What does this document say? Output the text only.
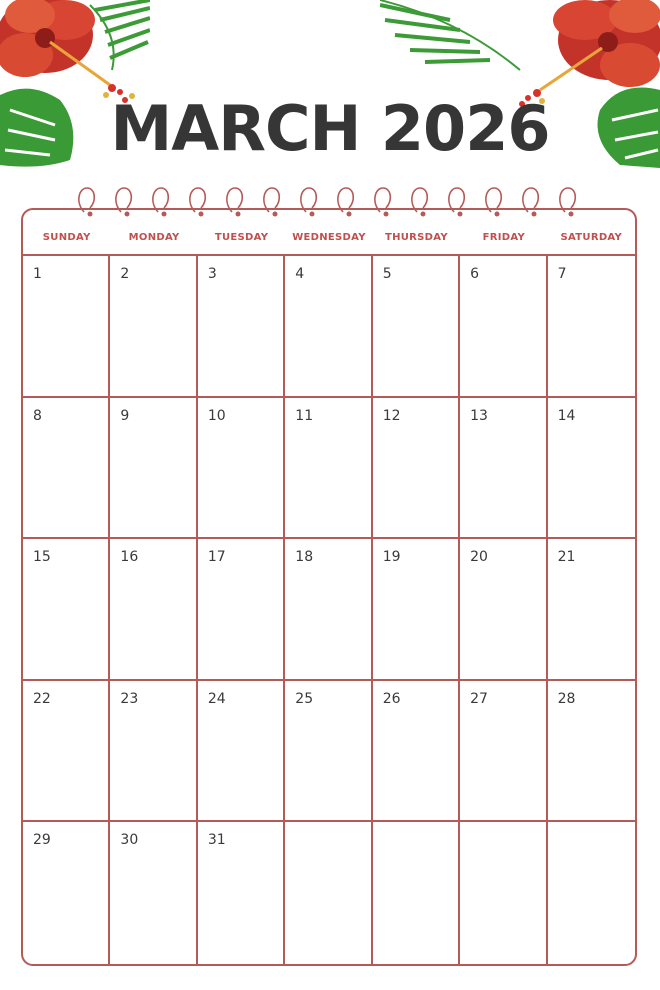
MARCH 2026
SUNDAY	MONDAY	TUESDAY	WEDNESDAY	THURSDAY	FRIDAY	SATURDAY
1	2	3	4	5	6	7
8	9	10	11	12	13	14
15	16	17	18	19	20	21
22	23	24	25	26	27	28
29	30	31
